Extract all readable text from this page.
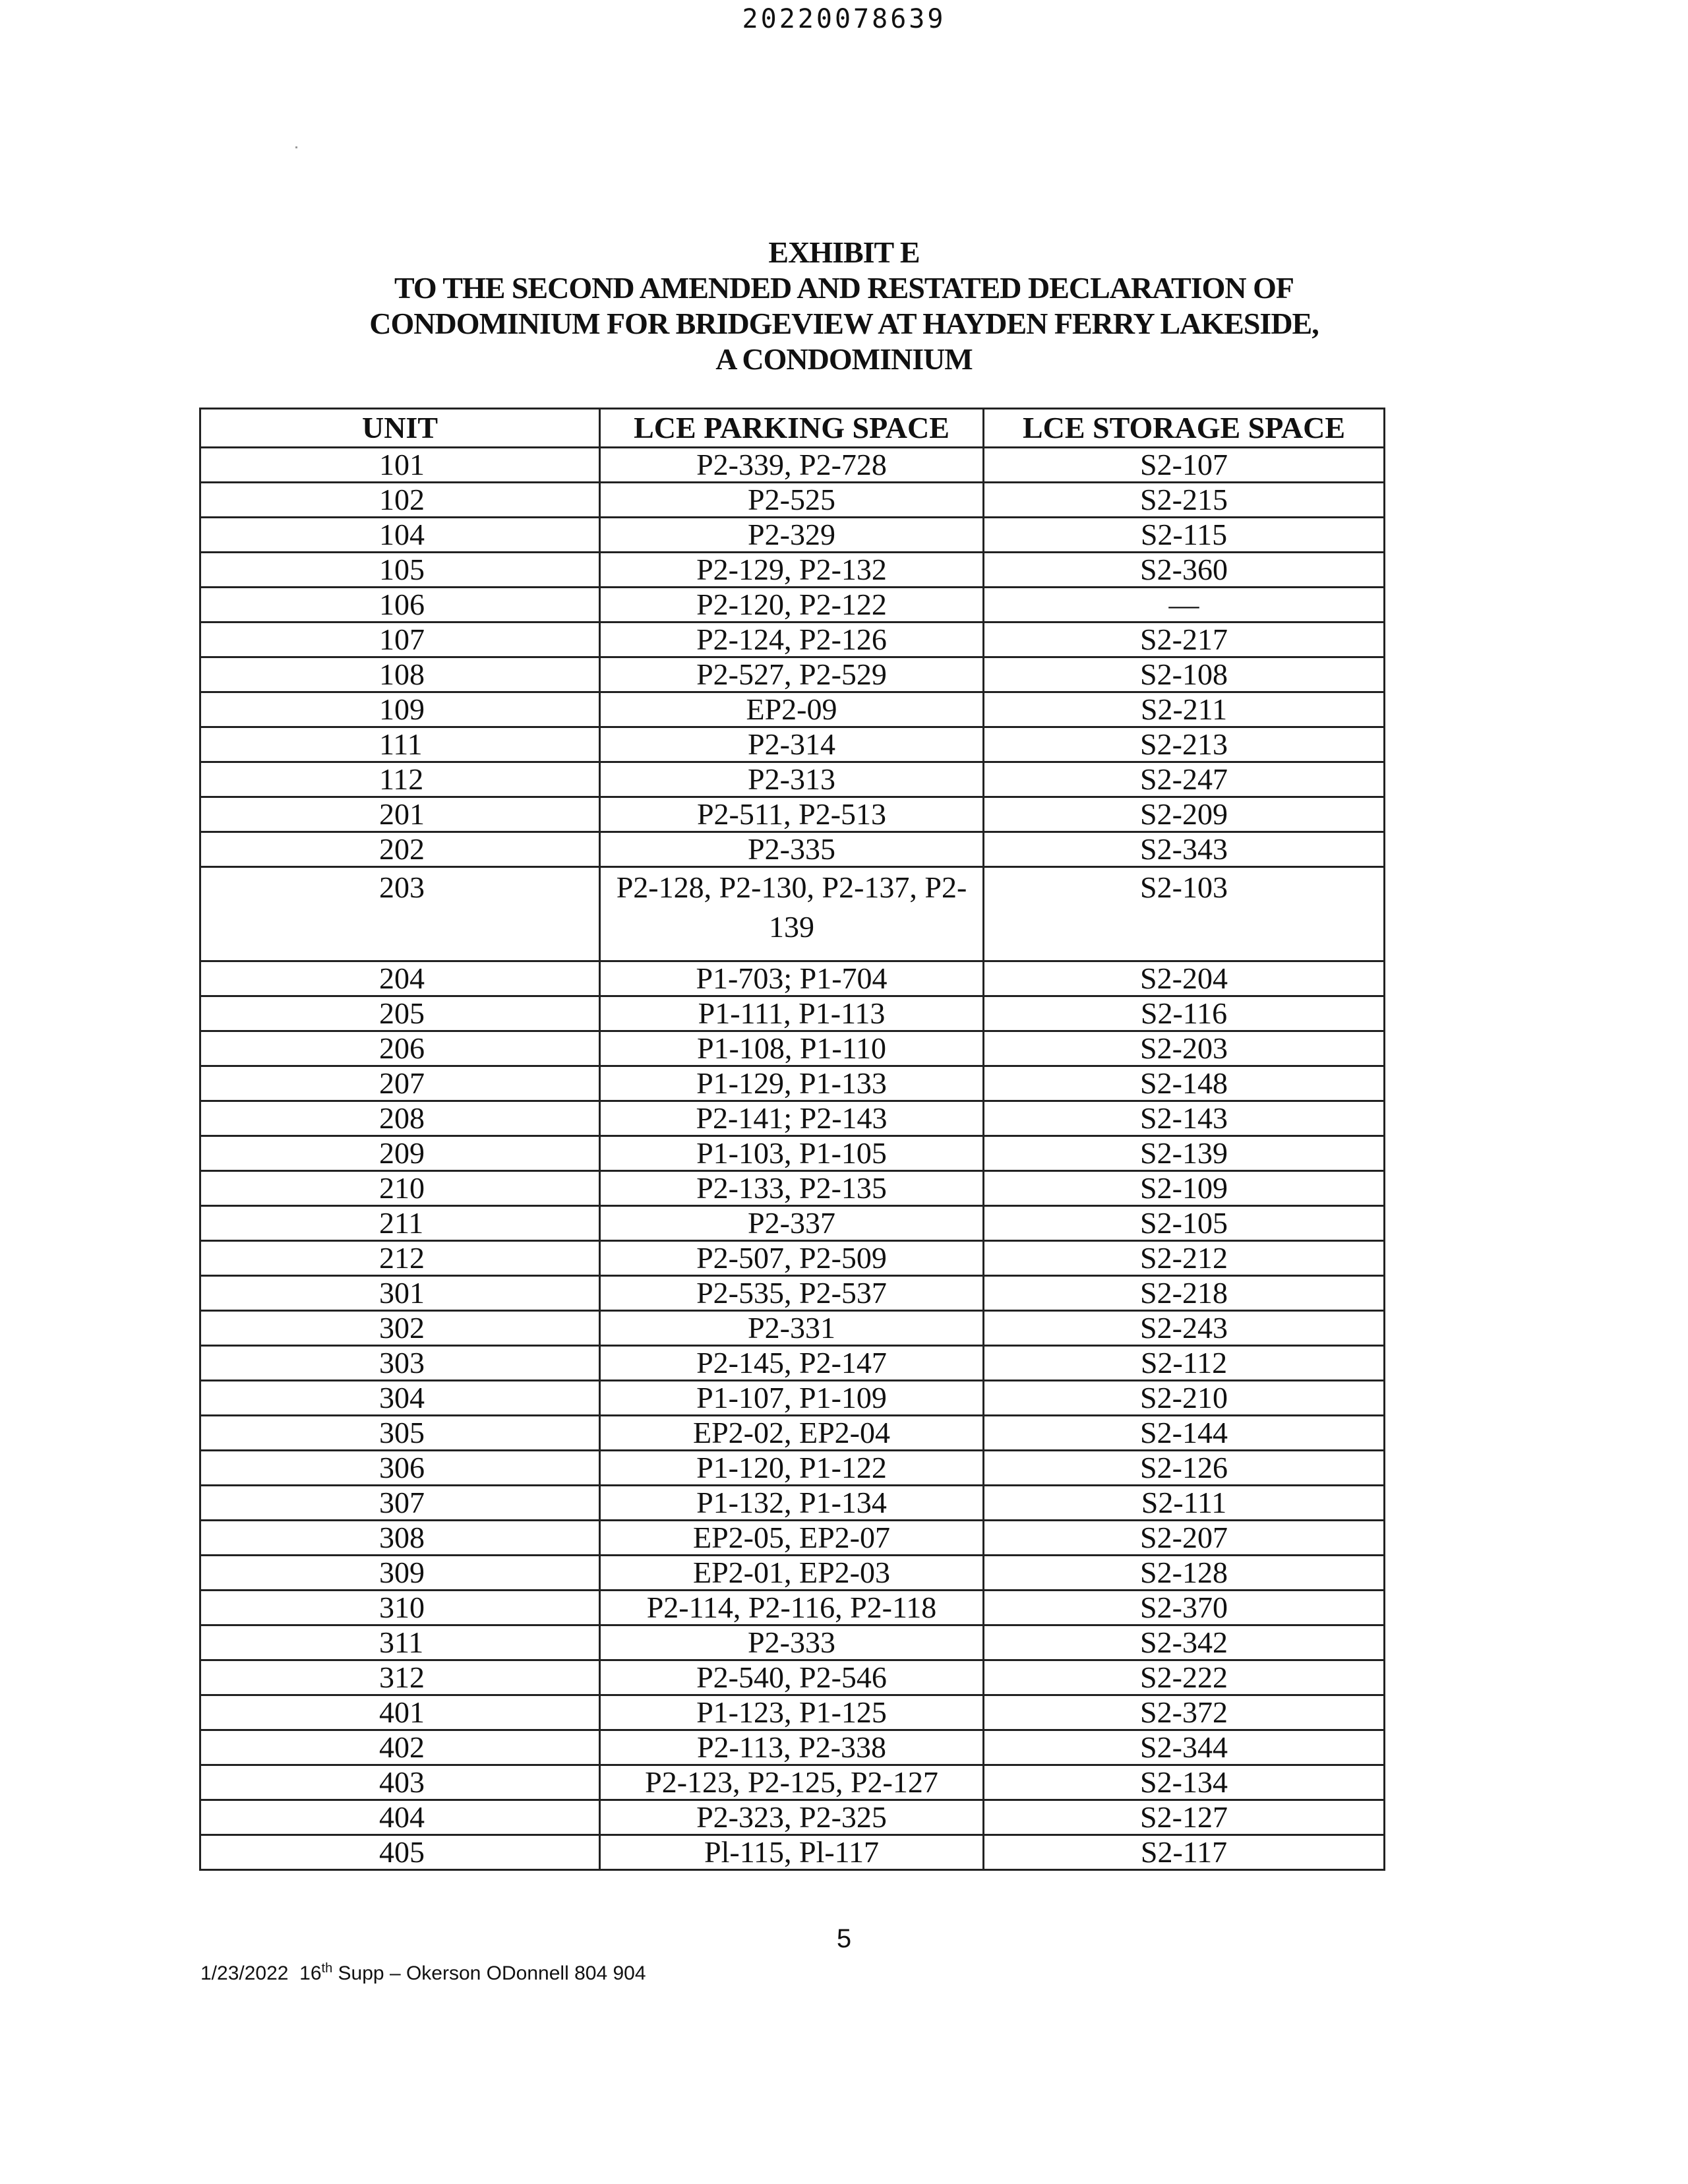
20220078639
EXHIBIT E
TO THE SECOND AMENDED AND RESTATED DECLARATION OF
CONDOMINIUM FOR BRIDGEVIEW AT HAYDEN FERRY LAKESIDE,
A CONDOMINIUM
UNIT	LCE PARKING SPACE	LCE STORAGE SPACE
101	P2-339, P2-728	S2-107
102	P2-525	S2-215
104	P2-329	S2-115
105	P2-129, P2-132	S2-360
106	P2-120, P2-122	—
107	P2-124, P2-126	S2-217
108	P2-527, P2-529	S2-108
109	EP2-09	S2-211
111	P2-314	S2-213
112	P2-313	S2-247
201	P2-511, P2-513	S2-209
202	P2-335	S2-343
203	P2-128, P2-130, P2-137, P2-139	S2-103
204	P1-703; P1-704	S2-204
205	P1-111, P1-113	S2-116
206	P1-108, P1-110	S2-203
207	P1-129, P1-133	S2-148
208	P2-141; P2-143	S2-143
209	P1-103, P1-105	S2-139
210	P2-133, P2-135	S2-109
211	P2-337	S2-105
212	P2-507, P2-509	S2-212
301	P2-535, P2-537	S2-218
302	P2-331	S2-243
303	P2-145, P2-147	S2-112
304	P1-107, P1-109	S2-210
305	EP2-02, EP2-04	S2-144
306	P1-120, P1-122	S2-126
307	P1-132, P1-134	S2-111
308	EP2-05, EP2-07	S2-207
309	EP2-01, EP2-03	S2-128
310	P2-114, P2-116, P2-118	S2-370
311	P2-333	S2-342
312	P2-540, P2-546	S2-222
401	P1-123, P1-125	S2-372
402	P2-113, P2-338	S2-344
403	P2-123, P2-125, P2-127	S2-134
404	P2-323, P2-325	S2-127
405	Pl-115, Pl-117	S2-117
5
1/23/2022 16th Supp – Okerson ODonnell 804 904
